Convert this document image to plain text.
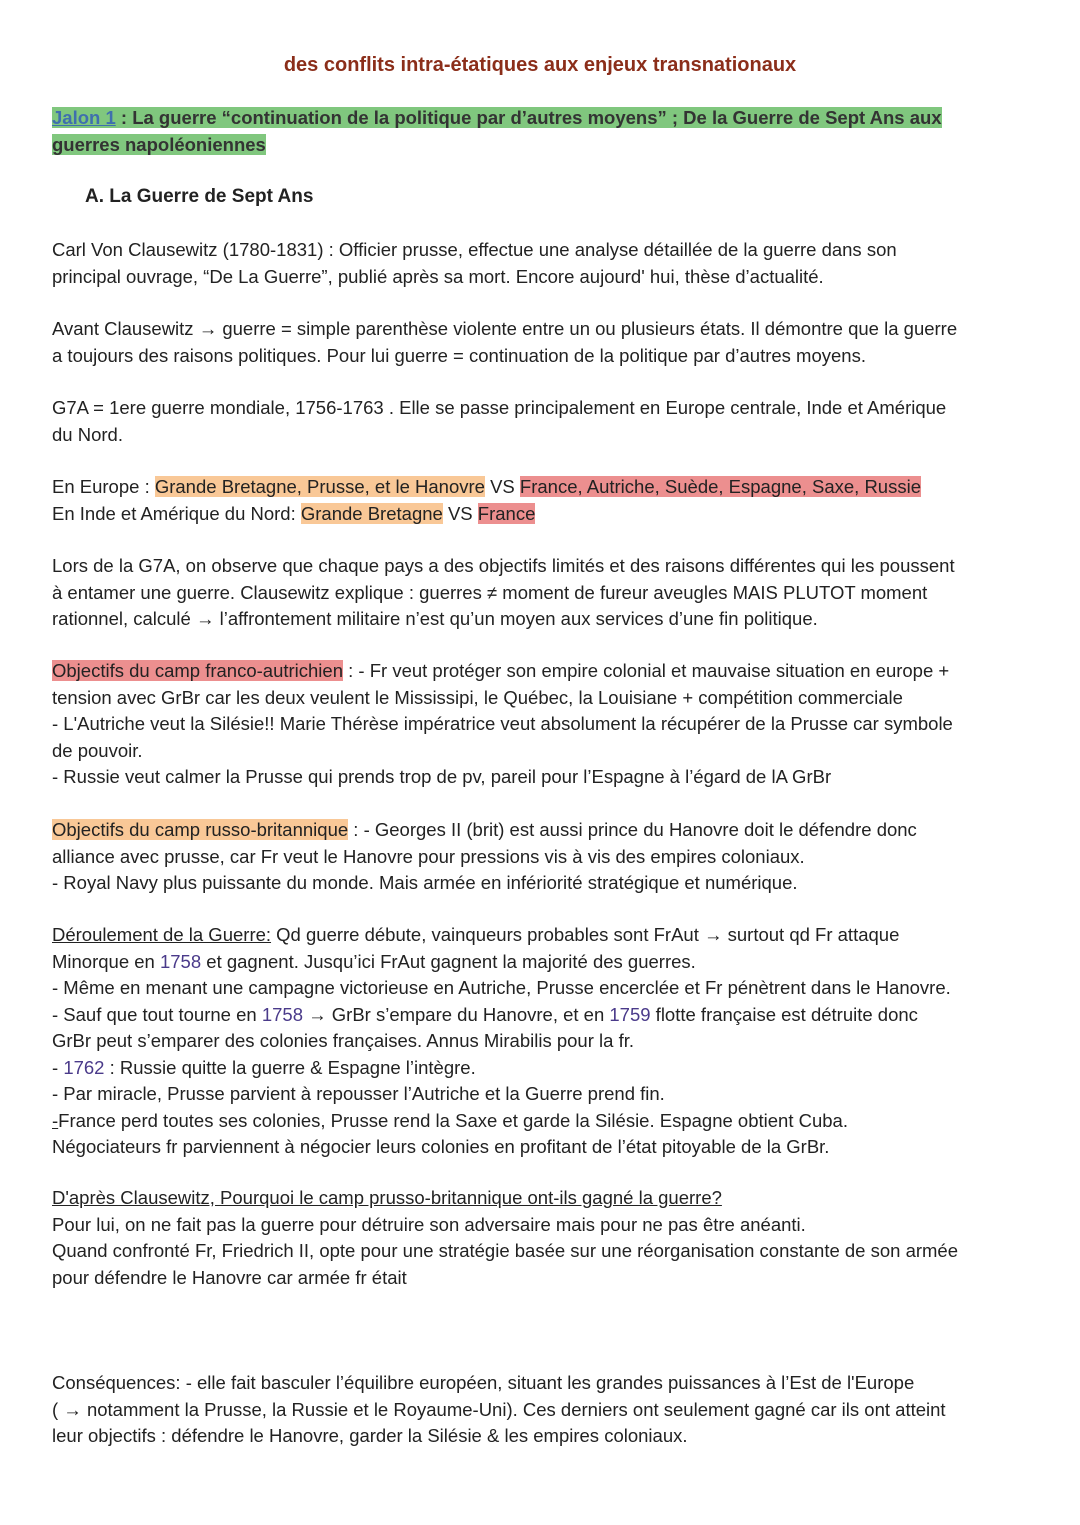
des conflits intra-étatiques aux enjeux transnationaux
Jalon 1 : La guerre “continuation de la politique par d’autres moyens” ; De la Guerre de Sept Ans aux
guerres napoléoniennes
A. La Guerre de Sept Ans
Carl Von Clausewitz (1780-1831) : Officier prusse, effectue une analyse détaillée de la guerre dans son
principal ouvrage, “De La Guerre”, publié après sa mort. Encore aujourd' hui, thèse d’actualité.
Avant Clausewitz → guerre = simple parenthèse violente entre un ou plusieurs états. Il démontre que la guerre
a toujours des raisons politiques. Pour lui guerre = continuation de la politique par d’autres moyens.
G7A = 1ere guerre mondiale, 1756-1763 . Elle se passe principalement en Europe centrale, Inde et Amérique
du Nord.
En Europe : Grande Bretagne, Prusse, et le Hanovre VS France, Autriche, Suède, Espagne, Saxe, Russie
En Inde et Amérique du Nord: Grande Bretagne VS France
Lors de la G7A, on observe que chaque pays a des objectifs limités et des raisons différentes qui les poussent
à entamer une guerre. Clausewitz explique : guerres ≠ moment de fureur aveugles MAIS PLUTOT moment
rationnel, calculé → l’affrontement militaire n’est qu’un moyen aux services d’une fin politique.
Objectifs du camp franco-autrichien : - Fr veut protéger son empire colonial et mauvaise situation en europe +
tension avec GrBr car les deux veulent le Mississipi, le Québec, la Louisiane + compétition commerciale
- L'Autriche veut la Silésie!! Marie Thérèse impératrice veut absolument la récupérer de la Prusse car symbole
de pouvoir.
- Russie veut calmer la Prusse qui prends trop de pv, pareil pour l’Espagne à l’égard de lA GrBr
Objectifs du camp russo-britannique : - Georges II (brit) est aussi prince du Hanovre doit le défendre donc
alliance avec prusse, car Fr veut le Hanovre pour pressions vis à vis des empires coloniaux.
- Royal Navy plus puissante du monde. Mais armée en infériorité stratégique et numérique.
Déroulement de la Guerre: Qd guerre débute, vainqueurs probables sont FrAut → surtout qd Fr attaque
Minorque en 1758 et gagnent. Jusqu’ici FrAut gagnent la majorité des guerres.
- Même en menant une campagne victorieuse en Autriche, Prusse encerclée et Fr pénètrent dans le Hanovre.
- Sauf que tout tourne en 1758 → GrBr s’empare du Hanovre, et en 1759 flotte française est détruite donc
GrBr peut s’emparer des colonies françaises. Annus Mirabilis pour la fr.
- 1762 : Russie quitte la guerre & Espagne l’intègre.
- Par miracle, Prusse parvient à repousser l’Autriche et la Guerre prend fin.
-France perd toutes ses colonies, Prusse rend la Saxe et garde la Silésie. Espagne obtient Cuba.
Négociateurs fr parviennent à négocier leurs colonies en profitant de l’état pitoyable de la GrBr.
D'après Clausewitz, Pourquoi le camp prusso-britannique ont-ils gagné la guerre?
Pour lui, on ne fait pas la guerre pour détruire son adversaire mais pour ne pas être anéanti.
Quand confronté Fr, Friedrich II, opte pour une stratégie basée sur une réorganisation constante de son armée
pour défendre le Hanovre car armée fr était
Conséquences: - elle fait basculer l’équilibre européen, situant les grandes puissances à l’Est de l'Europe
( → notamment la Prusse, la Russie et le Royaume-Uni). Ces derniers ont seulement gagné car ils ont atteint
leur objectifs : défendre le Hanovre, garder la Silésie & les empires coloniaux.
